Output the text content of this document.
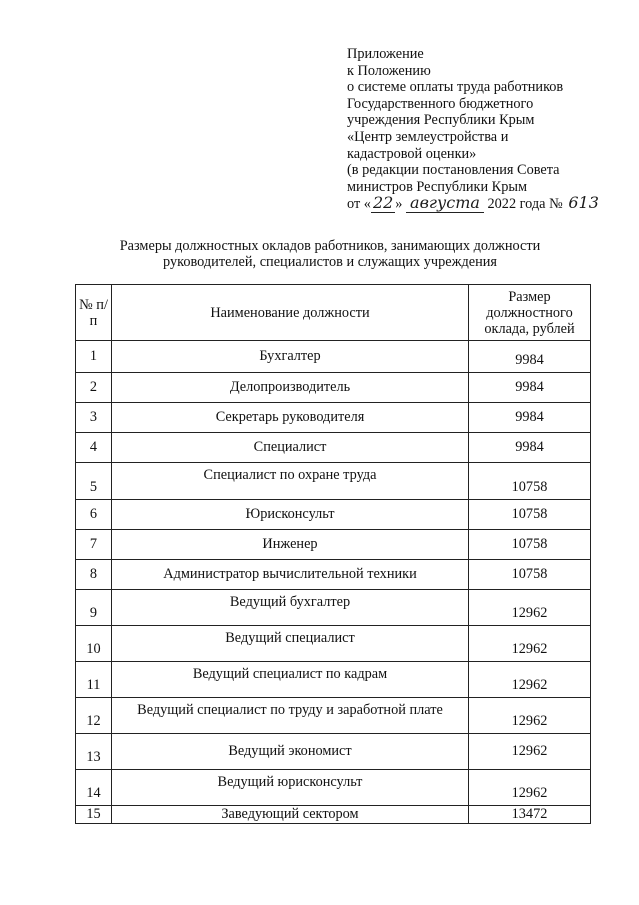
Приложение
к Положению
о системе оплаты труда работников
Государственного бюджетного
учреждения Республики Крым
«Центр землеустройства и
кадастровой оценки»
(в редакции постановления Совета
министров Республики Крым
от « 22 » августа 2022 года № 613
Размеры должностных окладов работников, занимающих должности
руководителей, специалистов и служащих учреждения
№ п/п	Наименование должности	Размер должностного оклада, рублей
1	Бухгалтер	9984
2	Делопроизводитель	9984
3	Секретарь руководителя	9984
4	Специалист	9984
5	Специалист по охране труда	10758
6	Юрисконсульт	10758
7	Инженер	10758
8	Администратор вычислительной техники	10758
9	Ведущий бухгалтер	12962
10	Ведущий специалист	12962
11	Ведущий специалист по кадрам	12962
12	Ведущий специалист по труду и заработной плате	12962
13	Ведущий экономист	12962
14	Ведущий юрисконсульт	12962
15	Заведующий сектором	13472
